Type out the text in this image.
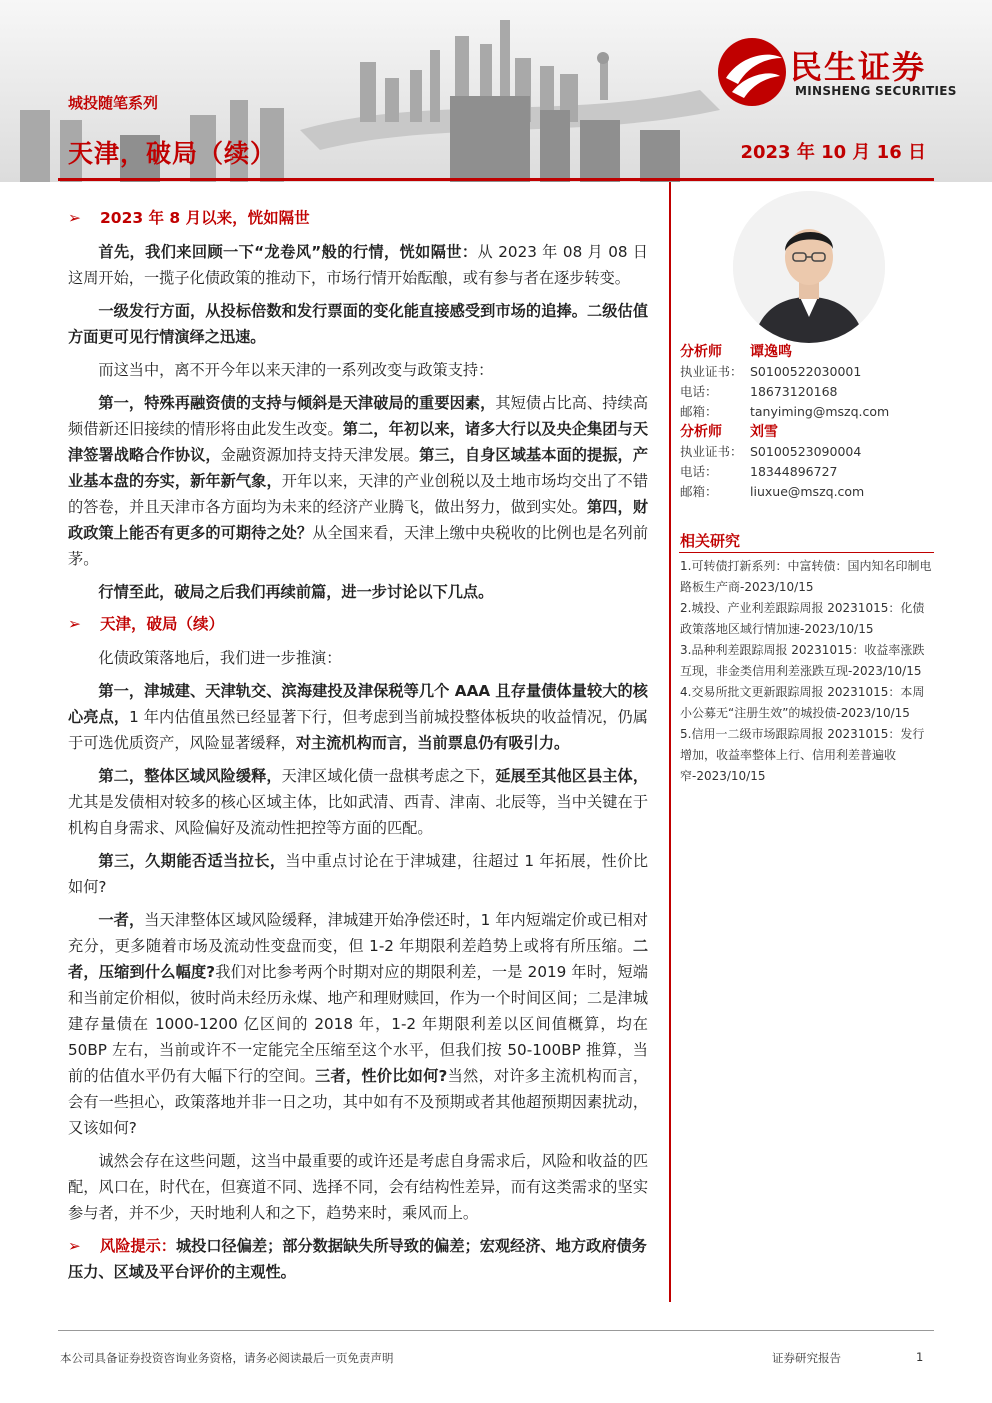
民生证券
MINSHENG SECURITIES
城投随笔系列
天津，破局（续）	2023 年 10 月 16 日
➢ 2023 年 8 月以来，恍如隔世

首先，我们来回顾一下“龙卷风”般的行情，恍如隔世：从 2023 年 08 月 08 日这周开始，一揽子化债政策的推动下，市场行情开始酝酿，或有参与者在逐步转变。

一级发行方面，从投标倍数和发行票面的变化能直接感受到市场的追捧。二级估值方面更可见行情演绎之迅速。

而这当中，离不开今年以来天津的一系列改变与政策支持：

第一，特殊再融资债的支持与倾斜是天津破局的重要因素，其短债占比高、持续高频借新还旧接续的情形将由此发生改变。第二，年初以来，诸多大行以及央企集团与天津签署战略合作协议，金融资源加持支持天津发展。第三，自身区域基本面的提振，产业基本盘的夯实，新年新气象，开年以来，天津的产业创税以及土地市场均交出了不错的答卷，并且天津市各方面均为未来的经济产业腾飞，做出努力，做到实处。第四，财政政策上能否有更多的可期待之处？从全国来看，天津上缴中央税收的比例也是名列前茅。

行情至此，破局之后我们再续前篇，进一步讨论以下几点。

➢ 天津，破局（续）

化债政策落地后，我们进一步推演：

第一，津城建、天津轨交、滨海建投及津保税等几个 AAA 且存量债体量较大的核心亮点，1 年内估值虽然已经显著下行，但考虑到当前城投整体板块的收益情况，仍属于可选优质资产，风险显著缓释，对主流机构而言，当前票息仍有吸引力。

第二，整体区域风险缓释，天津区域化债一盘棋考虑之下，延展至其他区县主体，尤其是发债相对较多的核心区域主体，比如武清、西青、津南、北辰等，当中关键在于机构自身需求、风险偏好及流动性把控等方面的匹配。

第三，久期能否适当拉长，当中重点讨论在于津城建，往超过 1 年拓展，性价比如何?

一者，当天津整体区域风险缓释，津城建开始净偿还时，1 年内短端定价或已相对充分，更多随着市场及流动性变盘而变，但 1-2 年期限利差趋势上或将有所压缩。二者，压缩到什么幅度?我们对比参考两个时期对应的期限利差，一是 2019 年时，短端和当前定价相似，彼时尚未经历永煤、地产和理财赎回，作为一个时间区间；二是津城建存量债在 1000-1200 亿区间的 2018 年，1-2 年期限利差以区间值概算，均在 50BP 左右，当前或许不一定能完全压缩至这个水平，但我们按 50-100BP 推算，当前的估值水平仍有大幅下行的空间。三者，性价比如何?当然，对许多主流机构而言，会有一些担心，政策落地并非一日之功，其中如有不及预期或者其他超预期因素扰动，又该如何?

诚然会存在这些问题，这当中最重要的或许还是考虑自身需求后，风险和收益的匹配，风口在，时代在，但赛道不同、选择不同，会有结构性差异，而有这类需求的坚实参与者，并不少，天时地利人和之下，趋势来时，乘风而上。

➢ 风险提示：城投口径偏差；部分数据缺失所导致的偏差；宏观经济、地方政府债务压力、区域及平台评价的主观性。
分析师 谭逸鸣
执业证书： S0100522030001
电话：	18673120168
邮箱：	tanyiming@mszq.com
分析师 刘雪
执业证书： S0100523090004
电话：	18344896727
邮箱：	liuxue@mszq.com
相关研究

1.可转债打新系列：中富转债：国内知名印制电路板生产商-2023/10/15

2.城投、产业利差跟踪周报 20231015：化债政策落地区域行情加速-2023/10/15

3.品种利差跟踪周报 20231015：收益率涨跌互现，非金类信用利差涨跌互现-2023/10/15

4.交易所批文更新跟踪周报 20231015：本周小公募无“注册生效”的城投债-2023/10/15

5.信用一二级市场跟踪周报 20231015：发行增加，收益率整体上行、信用利差普遍收窄-2023/10/15

本公司具备证券投资咨询业务资格，请务必阅读最后一页免责声明	证券研究报告	1
